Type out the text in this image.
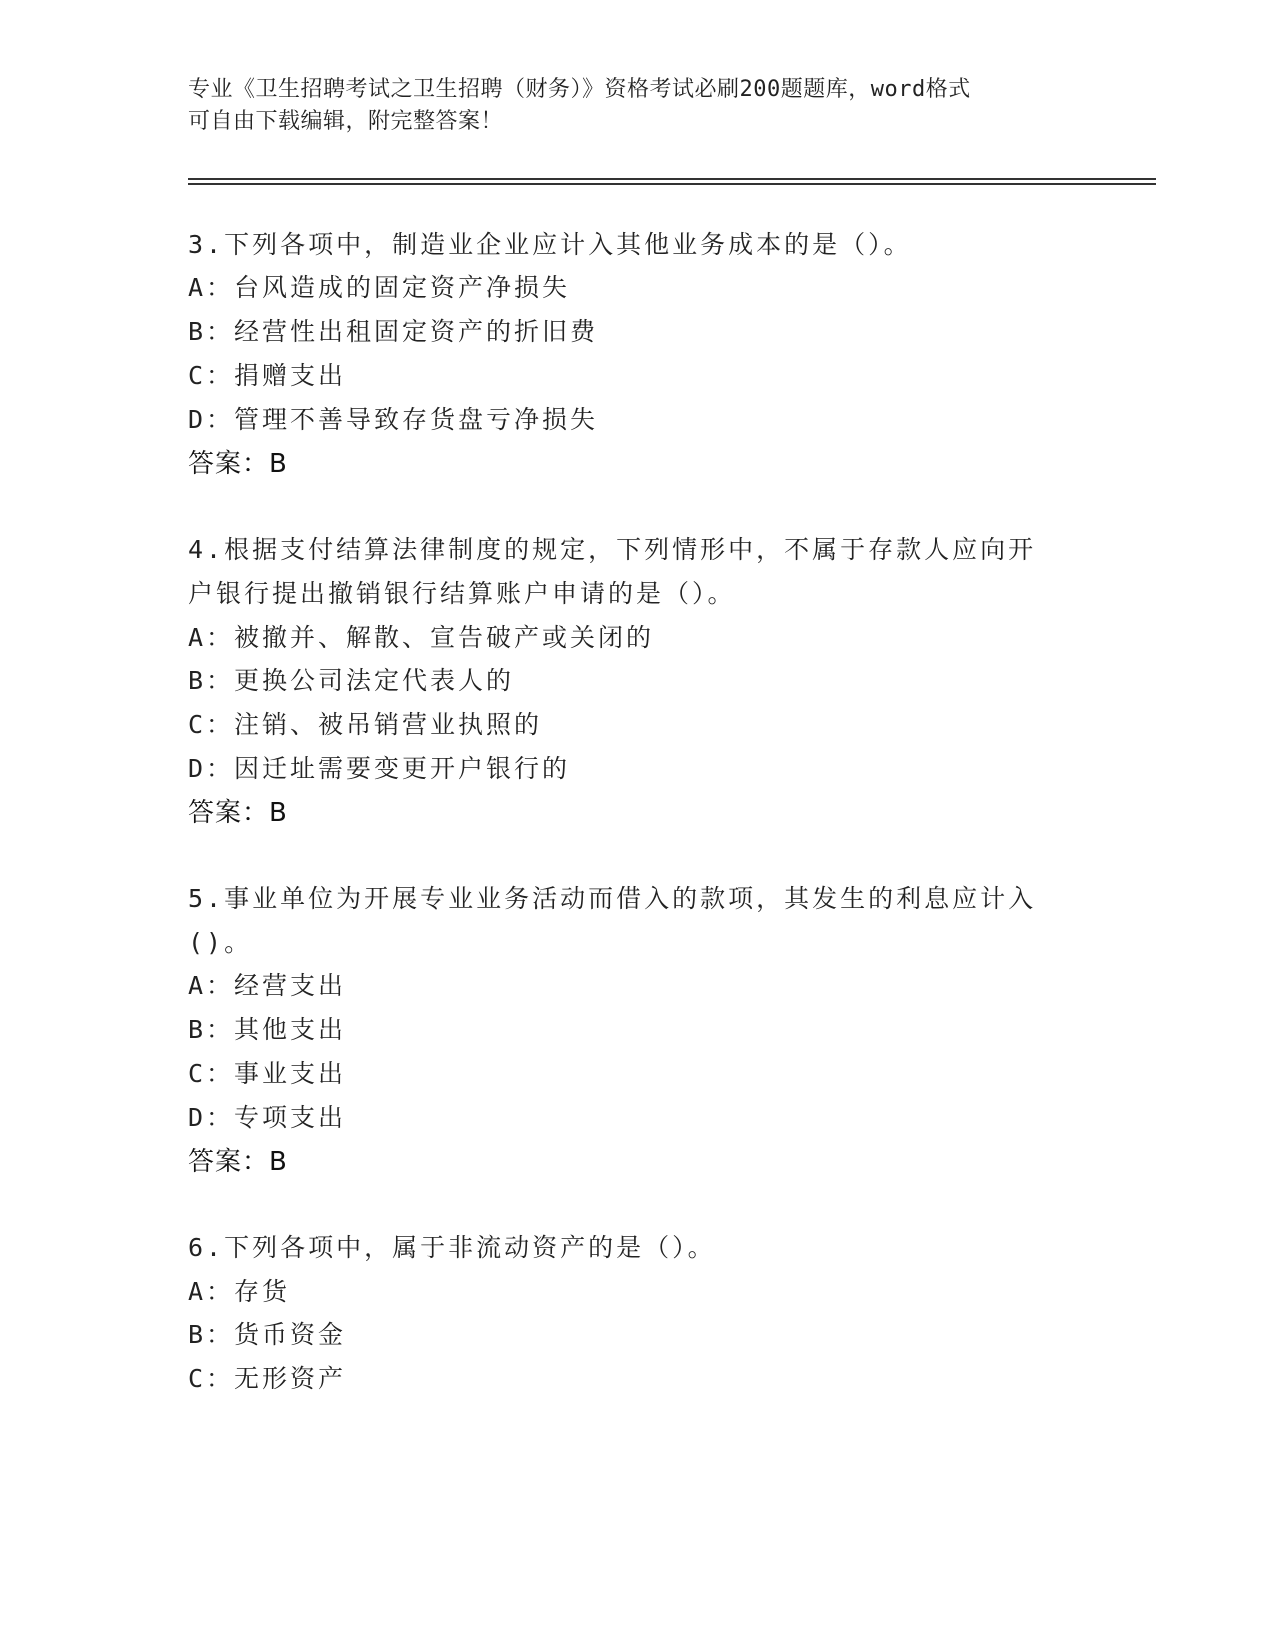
专业《卫生招聘考试之卫生招聘（财务）》资格考试必刷200题题库，word格式
可自由下载编辑，附完整答案！
3.下列各项中，制造业企业应计入其他业务成本的是（）。
A：台风造成的固定资产净损失
B：经营性出租固定资产的折旧费
C：捐赠支出
D：管理不善导致存货盘亏净损失
答案：B
4.根据支付结算法律制度的规定，下列情形中，不属于存款人应向开
户银行提出撤销银行结算账户申请的是（）。
A：被撤并、解散、宣告破产或关闭的
B：更换公司法定代表人的
C：注销、被吊销营业执照的
D：因迁址需要变更开户银行的
答案：B
5.事业单位为开展专业业务活动而借入的款项，其发生的利息应计入
()。
A：经营支出
B：其他支出
C：事业支出
D：专项支出
答案：B
6.下列各项中，属于非流动资产的是（）。
A：存货
B：货币资金
C：无形资产
